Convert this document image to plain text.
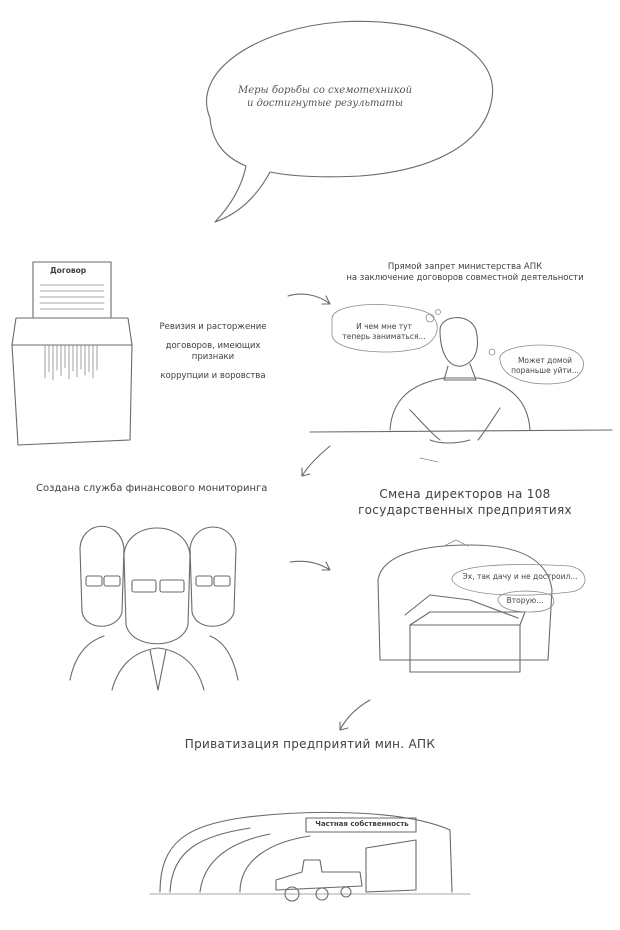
Меры борьбы со схемотехникой
и достигнутые результаты
Договор
Ревизия и расторжение
договоров, имеющих признаки
коррупции и воровства
Прямой запрет министерства АПК
на заключение договоров совместной деятельности
И чем мне тут
теперь заниматься...
Может домой
пораньше уйти...
Создана служба финансового мониторинга	Смена директоров на 108
государственных предприятиях
Эх, так дачу и не достроил...
Вторую...
Приватизация предприятий мин. АПК
Частная собственность
